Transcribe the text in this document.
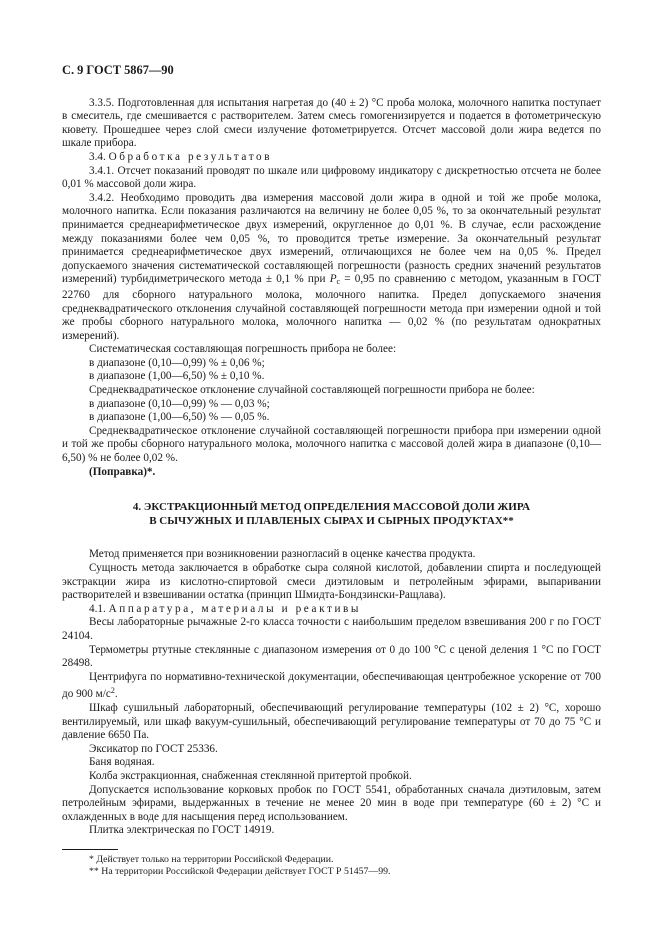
С. 9 ГОСТ 5867—90

3.3.5. Подготовленная для испытания нагретая до (40 ± 2) °С проба молока, молочного напитка поступает в смеситель, где смешивается с растворителем. Затем смесь гомогенизируется и подается в фотометрическую кювету. Прошедшее через слой смеси излучение фотометрируется. Отсчет массовой доли жира ведется по шкале прибора.

3.4. Обработка результатов

3.4.1. Отсчет показаний проводят по шкале или цифровому индикатору с дискретностью отсчета не более 0,01 % массовой доли жира.

3.4.2. Необходимо проводить два измерения массовой доли жира в одной и той же пробе молока, молочного напитка. Если показания различаются на величину не более 0,05 %, то за окончательный результат принимается среднеарифметическое двух измерений, округленное до 0,01 %. В случае, если расхождение между показаниями более чем 0,05 %, то проводится третье измерение. За окончательный результат принимается среднеарифметическое двух измерений, отличающихся не более чем на 0,05 %. Предел допускаемого значения систематической составляющей погрешности (разность средних значений результатов измерений) турбидиметрического метода ± 0,1 % при $P_c = 0,95$ по сравнению с методом, указанным в ГОСТ 22760 для сборного натурального молока, молочного напитка. Предел допускаемого значения среднеквадратического отклонения случайной составляющей погрешности метода при измерении одной и той же пробы сборного натурального молока, молочного напитка — 0,02 % (по результатам однократных измерений).

Систематическая составляющая погрешность прибора не более:

в диапазоне (0,10—0,99) % ± 0,06 %;

в диапазоне (1,00—6,50) % ± 0,10 %.

Среднеквадратическое отклонение случайной составляющей погрешности прибора не более:

в диапазоне (0,10—0,99) % — 0,03 %;

в диапазоне (1,00—6,50) % — 0,05 %.

Среднеквадратическое отклонение случайной составляющей погрешности прибора при измерении одной и той же пробы сборного натурального молока, молочного напитка с массовой долей жира в диапазоне (0,10—6,50) % не более 0,02 %.

(Поправка)*.

4. ЭКСТРАКЦИОННЫЙ МЕТОД ОПРЕДЕЛЕНИЯ МАССОВОЙ ДОЛИ ЖИРА
В СЫЧУЖНЫХ И ПЛАВЛЕНЫХ СЫРАХ И СЫРНЫХ ПРОДУКТАХ**

Метод применяется при возникновении разногласий в оценке качества продукта.

Сущность метода заключается в обработке сыра соляной кислотой, добавлении спирта и последующей экстракции жира из кислотно-спиртовой смеси диэтиловым и петролейным эфирами, выпаривании растворителей и взвешивании остатка (принцип Шмидта-Бондзински-Ращлава).

4.1. Аппаратура, материалы и реактивы

Весы лабораторные рычажные 2-го класса точности с наибольшим пределом взвешивания 200 г по ГОСТ 24104.

Термометры ртутные стеклянные с диапазоном измерения от 0 до 100 °С с ценой деления 1 °С по ГОСТ 28498.

Центрифуга по нормативно-технической документации, обеспечивающая центробежное ускорение от 700 до 900 $м/с^2$.

Шкаф сушильный лабораторный, обеспечивающий регулирование температуры (102 ± 2) °С, хорошо вентилируемый, или шкаф вакуум-сушильный, обеспечивающий регулирование температуры от 70 до 75 °С и давление 6650 Па.

Эксикатор по ГОСТ 25336.

Баня водяная.

Колба экстракционная, снабженная стеклянной притертой пробкой.

Допускается использование корковых пробок по ГОСТ 5541, обработанных сначала диэтиловым, затем петролейным эфирами, выдержанных в течение не менее 20 мин в воде при температуре (60 ± 2) °С и охлажденных в воде для насыщения перед использованием.

Плитка электрическая по ГОСТ 14919.

* Действует только на территории Российской Федерации.

** На территории Российской Федерации действует ГОСТ Р 51457—99.
